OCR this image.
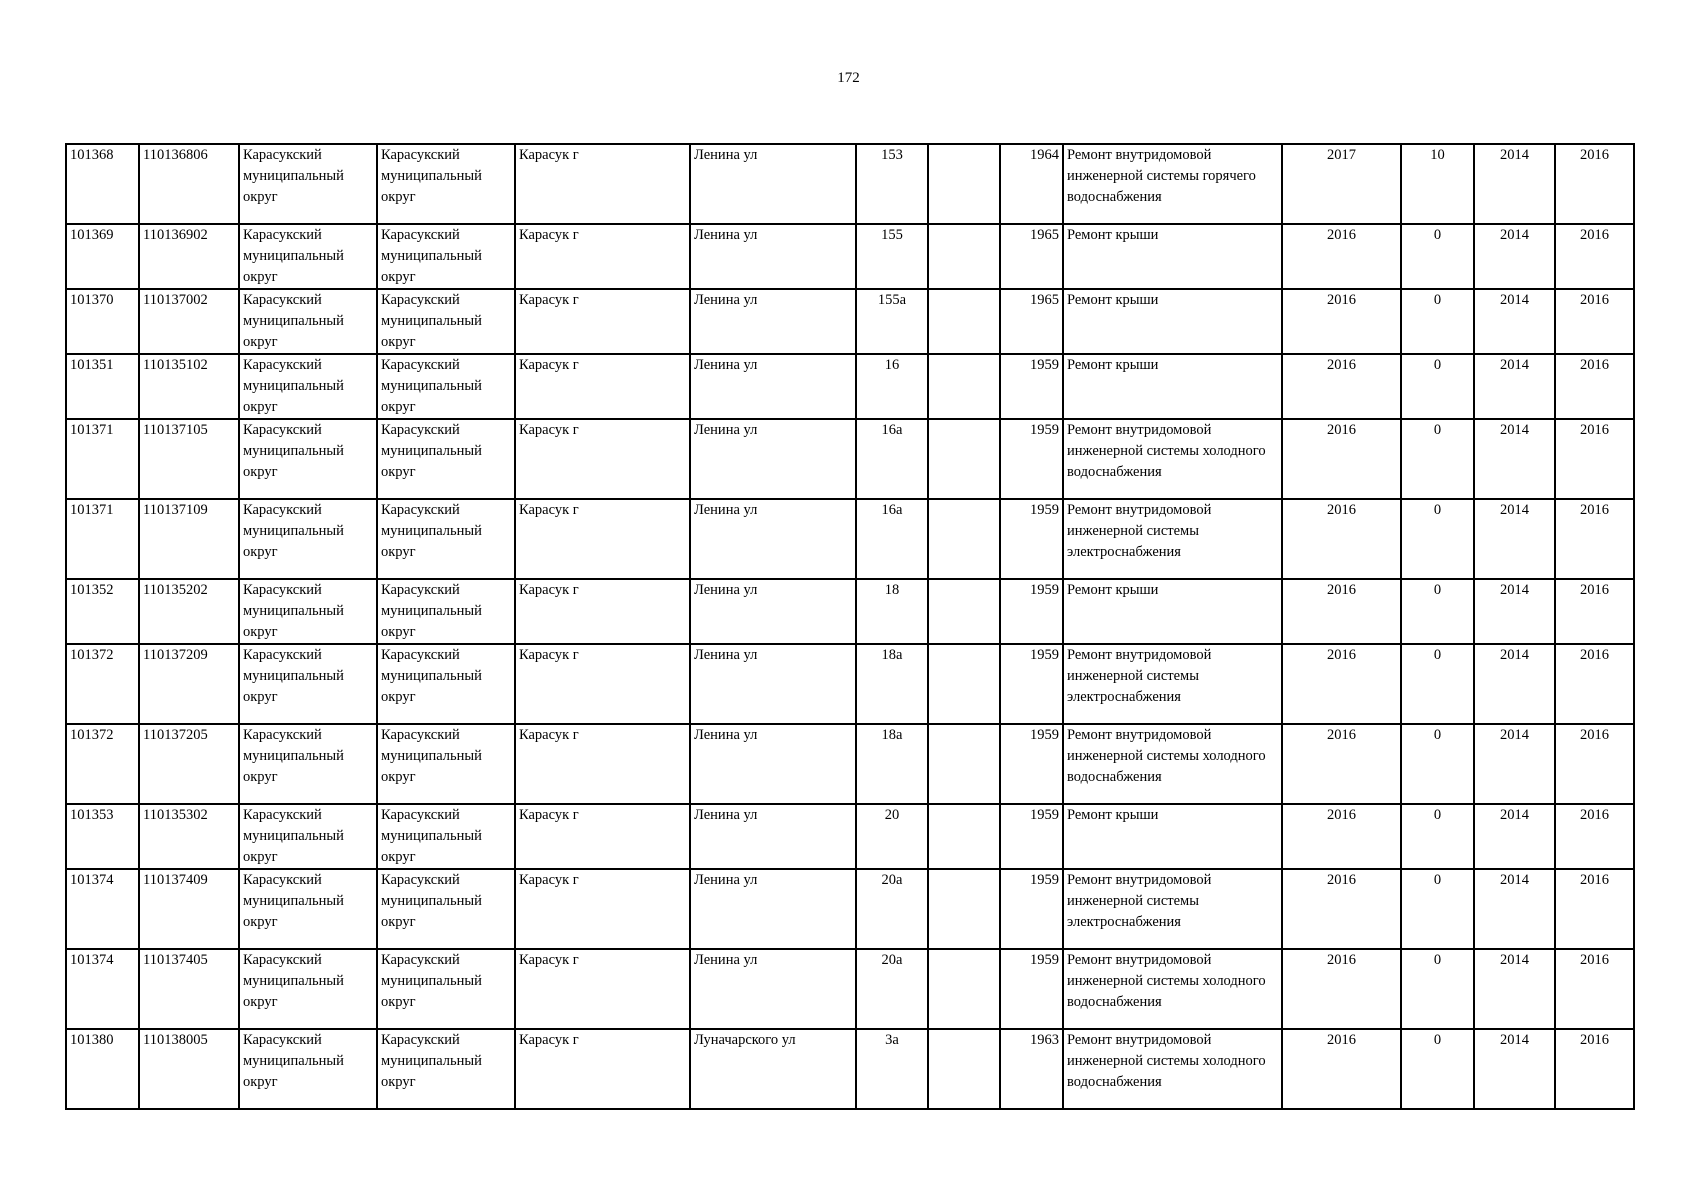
172
101368	110136806	Карасукский муниципальный округ	Карасукский муниципальный округ	Карасук г	Ленина ул	153		1964	Ремонт внутридомовой инженерной системы горячего водоснабжения	2017	10	2014	2016
101369	110136902	Карасукский муниципальный округ	Карасукский муниципальный округ	Карасук г	Ленина ул	155		1965	Ремонт крыши	2016	0	2014	2016
101370	110137002	Карасукский муниципальный округ	Карасукский муниципальный округ	Карасук г	Ленина ул	155а		1965	Ремонт крыши	2016	0	2014	2016
101351	110135102	Карасукский муниципальный округ	Карасукский муниципальный округ	Карасук г	Ленина ул	16		1959	Ремонт крыши	2016	0	2014	2016
101371	110137105	Карасукский муниципальный округ	Карасукский муниципальный округ	Карасук г	Ленина ул	16а		1959	Ремонт внутридомовой инженерной системы холодного водоснабжения	2016	0	2014	2016
101371	110137109	Карасукский муниципальный округ	Карасукский муниципальный округ	Карасук г	Ленина ул	16а		1959	Ремонт внутридомовой инженерной системы электроснабжения	2016	0	2014	2016
101352	110135202	Карасукский муниципальный округ	Карасукский муниципальный округ	Карасук г	Ленина ул	18		1959	Ремонт крыши	2016	0	2014	2016
101372	110137209	Карасукский муниципальный округ	Карасукский муниципальный округ	Карасук г	Ленина ул	18а		1959	Ремонт внутридомовой инженерной системы электроснабжения	2016	0	2014	2016
101372	110137205	Карасукский муниципальный округ	Карасукский муниципальный округ	Карасук г	Ленина ул	18а		1959	Ремонт внутридомовой инженерной системы холодного водоснабжения	2016	0	2014	2016
101353	110135302	Карасукский муниципальный округ	Карасукский муниципальный округ	Карасук г	Ленина ул	20		1959	Ремонт крыши	2016	0	2014	2016
101374	110137409	Карасукский муниципальный округ	Карасукский муниципальный округ	Карасук г	Ленина ул	20а		1959	Ремонт внутридомовой инженерной системы электроснабжения	2016	0	2014	2016
101374	110137405	Карасукский муниципальный округ	Карасукский муниципальный округ	Карасук г	Ленина ул	20а		1959	Ремонт внутридомовой инженерной системы холодного водоснабжения	2016	0	2014	2016
101380	110138005	Карасукский муниципальный округ	Карасукский муниципальный округ	Карасук г	Луначарского ул	3а		1963	Ремонт внутридомовой инженерной системы холодного водоснабжения	2016	0	2014	2016
